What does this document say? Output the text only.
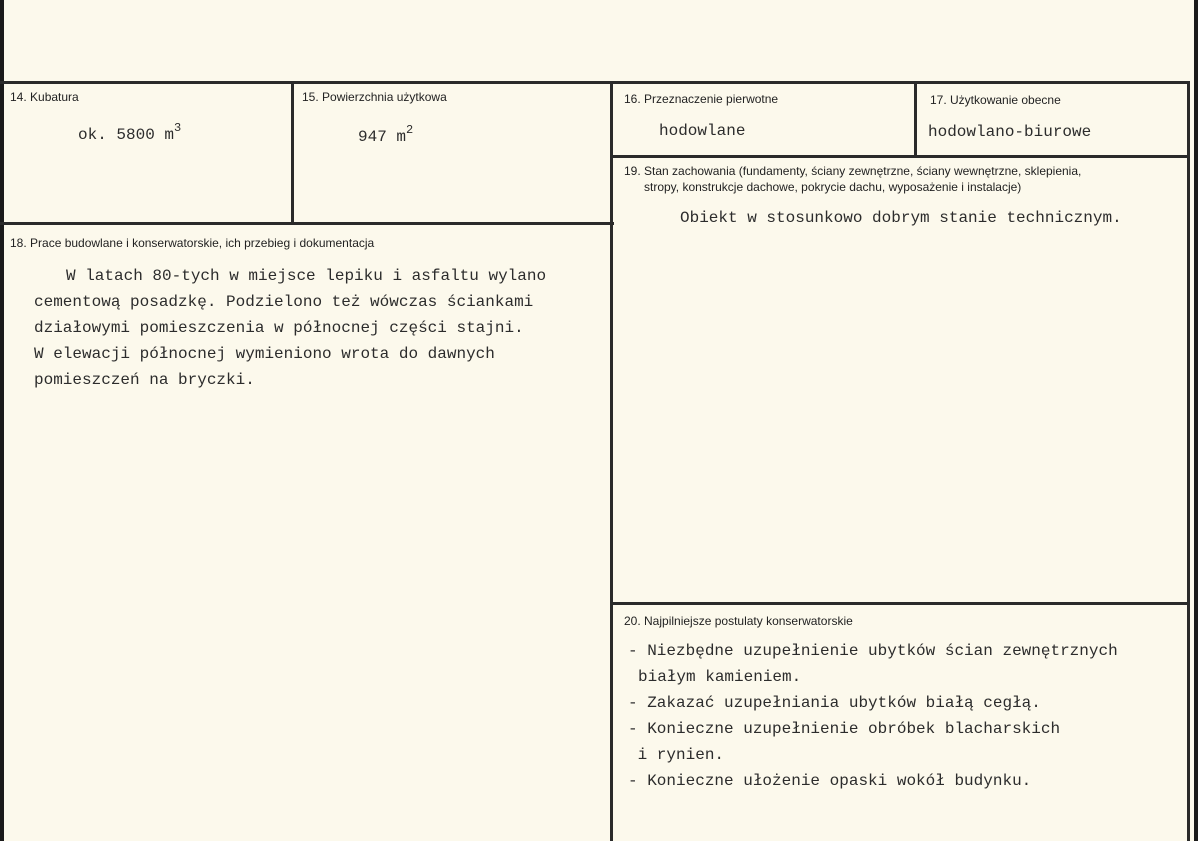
14. Kubatura
ok. 5800 $m^3$
15. Powierzchnia użytkowa
947 $m^2$
16. Przeznaczenie pierwotne
hodowlane
17. Użytkowanie obecne
hodowlano-biurowe
19. Stan zachowania (fundamenty, ściany zewnętrzne, ściany wewnętrzne, sklepienia,
stropy, konstrukcje dachowe, pokrycie dachu, wyposażenie i instalacje)
Obiekt w stosunkowo dobrym stanie technicznym.
18. Prace budowlane i konserwatorskie, ich przebieg i dokumentacja
W latach 80-tych w miejsce lepiku i asfaltu wylano
cementową posadzkę. Podzielono też wówczas ściankami
działowymi pomieszczenia w północnej części stajni.
W elewacji północnej wymieniono wrota do dawnych
pomieszczeń na bryczki.
20. Najpilniejsze postulaty konserwatorskie
- Niezbędne uzupełnienie ubytków ścian zewnętrznych
białym kamieniem.
- Zakazać uzupełniania ubytków białą cegłą.
- Konieczne uzupełnienie obróbek blacharskich
i rynien.
- Konieczne ułożenie opaski wokół budynku.
